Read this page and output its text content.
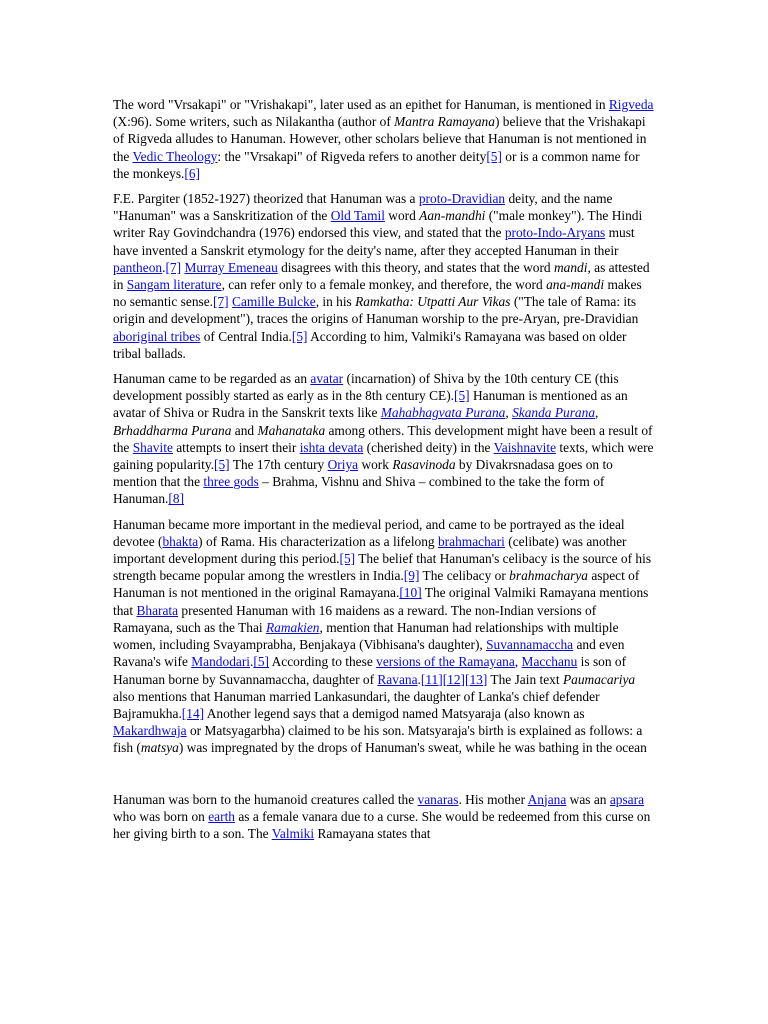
The word "Vrsakapi" or "Vrishakapi", later used as an epithet for Hanuman, is mentioned in Rigveda (X:96). Some writers, such as Nilakantha (author of Mantra Ramayana) believe that the Vrishakapi of Rigveda alludes to Hanuman. However, other scholars believe that Hanuman is not mentioned in the Vedic Theology: the "Vrsakapi" of Rigveda refers to another deity[5] or is a common name for the monkeys.[6]

F.E. Pargiter (1852-1927) theorized that Hanuman was a proto-Dravidian deity, and the name "Hanuman" was a Sanskritization of the Old Tamil word Aan-mandhi ("male monkey"). The Hindi writer Ray Govindchandra (1976) endorsed this view, and stated that the proto-Indo-Aryans must have invented a Sanskrit etymology for the deity's name, after they accepted Hanuman in their pantheon.[7] Murray Emeneau disagrees with this theory, and states that the word mandi, as attested in Sangam literature, can refer only to a female monkey, and therefore, the word ana-mandi makes no semantic sense.[7] Camille Bulcke, in his Ramkatha: Utpatti Aur Vikas ("The tale of Rama: its origin and development"), traces the origins of Hanuman worship to the pre-Aryan, pre-Dravidian aboriginal tribes of Central India.[5] According to him, Valmiki's Ramayana was based on older tribal ballads.

Hanuman came to be regarded as an avatar (incarnation) of Shiva by the 10th century CE (this development possibly started as early as in the 8th century CE).[5] Hanuman is mentioned as an avatar of Shiva or Rudra in the Sanskrit texts like Mahabhagvata Purana, Skanda Purana, Brhaddharma Purana and Mahanataka among others. This development might have been a result of the Shavite attempts to insert their ishta devata (cherished deity) in the Vaishnavite texts, which were gaining popularity.[5] The 17th century Oriya work Rasavinoda by Divakrsnadasa goes on to mention that the three gods – Brahma, Vishnu and Shiva – combined to the take the form of Hanuman.[8]

Hanuman became more important in the medieval period, and came to be portrayed as the ideal devotee (bhakta) of Rama. His characterization as a lifelong brahmachari (celibate) was another important development during this period.[5] The belief that Hanuman's celibacy is the source of his strength became popular among the wrestlers in India.[9] The celibacy or brahmacharya aspect of Hanuman is not mentioned in the original Ramayana.[10] The original Valmiki Ramayana mentions that Bharata presented Hanuman with 16 maidens as a reward. The non-Indian versions of Ramayana, such as the Thai Ramakien, mention that Hanuman had relationships with multiple women, including Svayamprabha, Benjakaya (Vibhisana's daughter), Suvannamaccha and even Ravana's wife Mandodari.[5] According to these versions of the Ramayana, Macchanu is son of Hanuman borne by Suvannamaccha, daughter of Ravana.[11][12][13] The Jain text Paumacariya also mentions that Hanuman married Lankasundari, the daughter of Lanka's chief defender Bajramukha.[14] Another legend says that a demigod named Matsyaraja (also known as Makardhwaja or Matsyagarbha) claimed to be his son. Matsyaraja's birth is explained as follows: a fish (matsya) was impregnated by the drops of Hanuman's sweat, while he was bathing in the ocean

Hanuman was born to the humanoid creatures called the vanaras. His mother Anjana was an apsara who was born on earth as a female vanara due to a curse. She would be redeemed from this curse on her giving birth to a son. The Valmiki Ramayana states that
